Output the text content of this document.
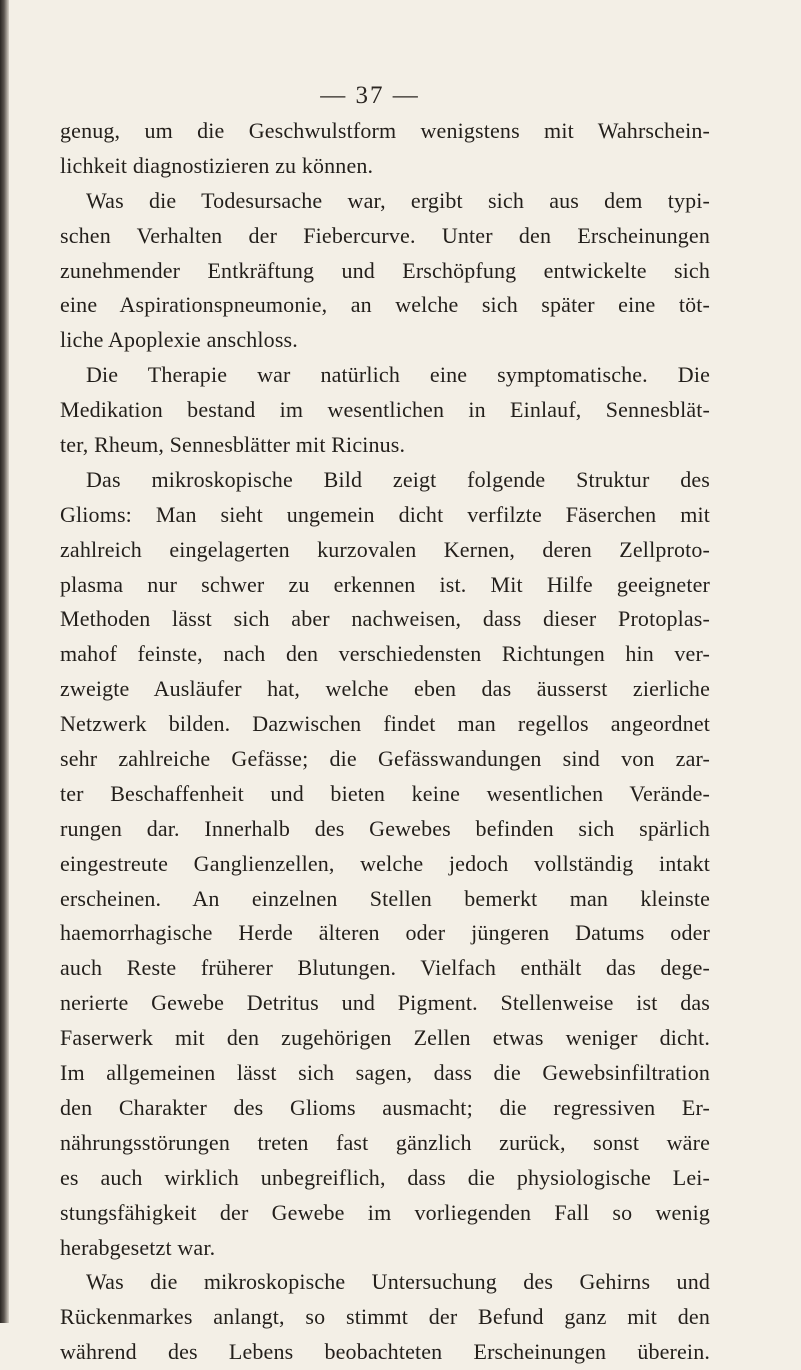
— 37 —
genug, um die Geschwulstform wenigstens mit Wahrschein-
lichkeit diagnostizieren zu können.
Was die Todesursache war, ergibt sich aus dem typi-
schen Verhalten der Fiebercurve. Unter den Erscheinungen
zunehmender Entkräftung und Erschöpfung entwickelte sich
eine Aspirationspneumonie, an welche sich später eine töt-
liche Apoplexie anschloss.
Die Therapie war natürlich eine symptomatische. Die
Medikation bestand im wesentlichen in Einlauf, Sennesblät-
ter, Rheum, Sennesblätter mit Ricinus.
Das mikroskopische Bild zeigt folgende Struktur des
Glioms: Man sieht ungemein dicht verfilzte Fäserchen mit
zahlreich eingelagerten kurzovalen Kernen, deren Zellproto-
plasma nur schwer zu erkennen ist. Mit Hilfe geeigneter
Methoden lässt sich aber nachweisen, dass dieser Protoplas-
mahof feinste, nach den verschiedensten Richtungen hin ver-
zweigte Ausläufer hat, welche eben das äusserst zierliche
Netzwerk bilden. Dazwischen findet man regellos angeordnet
sehr zahlreiche Gefässe; die Gefässwandungen sind von zar-
ter Beschaffenheit und bieten keine wesentlichen Verände-
rungen dar. Innerhalb des Gewebes befinden sich spärlich
eingestreute Ganglienzellen, welche jedoch vollständig intakt
erscheinen. An einzelnen Stellen bemerkt man kleinste
haemorrhagische Herde älteren oder jüngeren Datums oder
auch Reste früherer Blutungen. Vielfach enthält das dege-
nerierte Gewebe Detritus und Pigment. Stellenweise ist das
Faserwerk mit den zugehörigen Zellen etwas weniger dicht.
Im allgemeinen lässt sich sagen, dass die Gewebsinfiltration
den Charakter des Glioms ausmacht; die regressiven Er-
nährungsstörungen treten fast gänzlich zurück, sonst wäre
es auch wirklich unbegreiflich, dass die physiologische Lei-
stungsfähigkeit der Gewebe im vorliegenden Fall so wenig
herabgesetzt war.
Was die mikroskopische Untersuchung des Gehirns und
Rückenmarkes anlangt, so stimmt der Befund ganz mit den
während des Lebens beobachteten Erscheinungen überein.
